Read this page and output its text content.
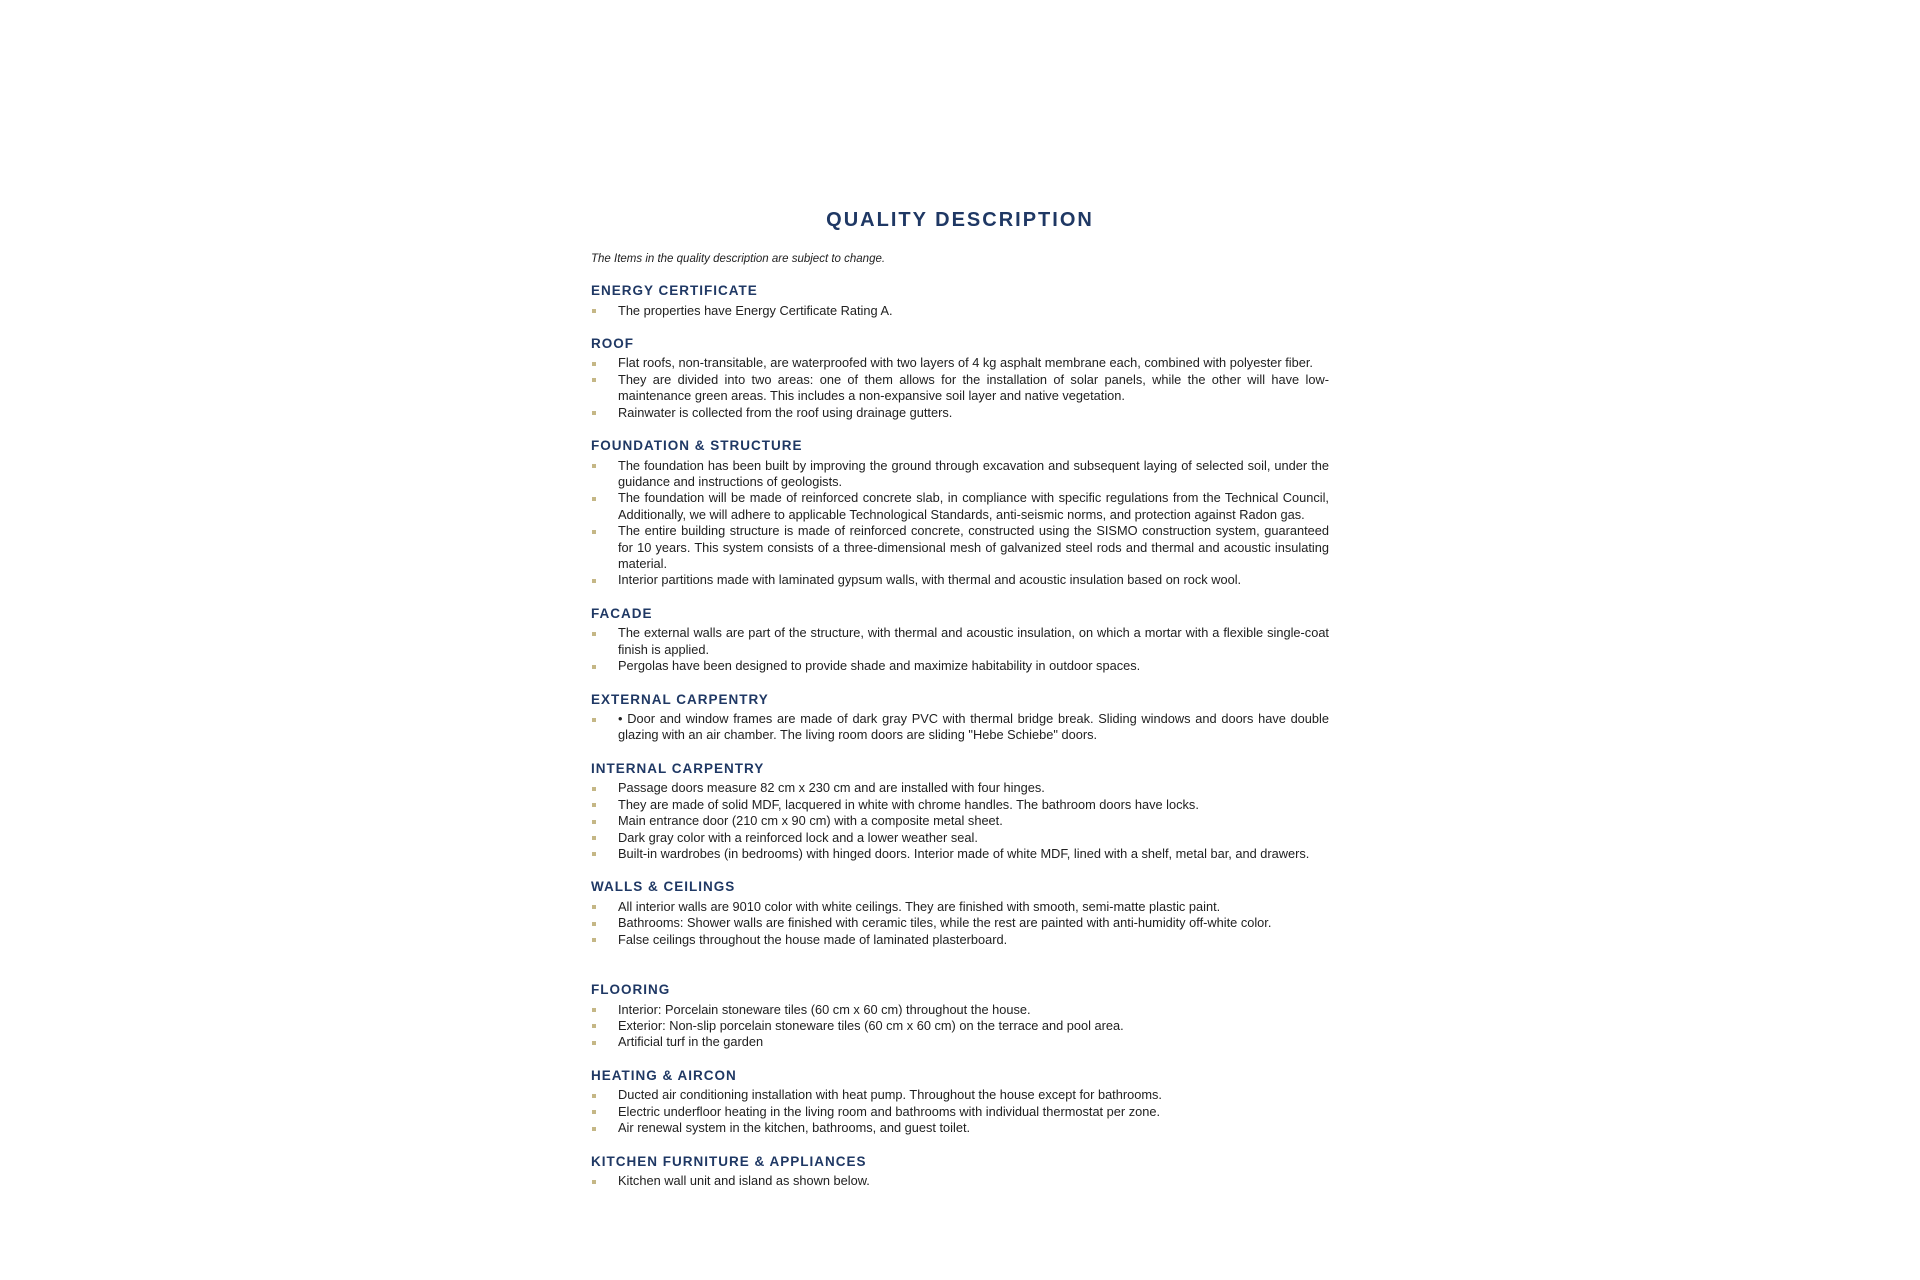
QUALITY DESCRIPTION

The Items in the quality description are subject to change.

ENERGY CERTIFICATE
The properties have Energy Certificate Rating A.
ROOF
Flat roofs, non-transitable, are waterproofed with two layers of 4 kg asphalt membrane each, combined with polyester fiber.
They are divided into two areas: one of them allows for the installation of solar panels, while the other will have low-maintenance green areas. This includes a non-expansive soil layer and native vegetation.
Rainwater is collected from the roof using drainage gutters.
FOUNDATION & STRUCTURE
The foundation has been built by improving the ground through excavation and subsequent laying of selected soil, under the guidance and instructions of geologists.
The foundation will be made of reinforced concrete slab, in compliance with specific regulations from the Technical Council, Additionally, we will adhere to applicable Technological Standards, anti-seismic norms, and protection against Radon gas.
The entire building structure is made of reinforced concrete, constructed using the SISMO construction system, guaranteed for 10 years. This system consists of a three-dimensional mesh of galvanized steel rods and thermal and acoustic insulating material.
Interior partitions made with laminated gypsum walls, with thermal and acoustic insulation based on rock wool.
FACADE
The external walls are part of the structure, with thermal and acoustic insulation, on which a mortar with a flexible single-coat finish is applied.
Pergolas have been designed to provide shade and maximize habitability in outdoor spaces.
EXTERNAL CARPENTRY
• Door and window frames are made of dark gray PVC with thermal bridge break. Sliding windows and doors have double glazing with an air chamber. The living room doors are sliding "Hebe Schiebe" doors.
INTERNAL CARPENTRY
Passage doors measure 82 cm x 230 cm and are installed with four hinges.
They are made of solid MDF, lacquered in white with chrome handles. The bathroom doors have locks.
Main entrance door (210 cm x 90 cm) with a composite metal sheet.
Dark gray color with a reinforced lock and a lower weather seal.
Built-in wardrobes (in bedrooms) with hinged doors. Interior made of white MDF, lined with a shelf, metal bar, and drawers.
WALLS & CEILINGS
All interior walls are 9010 color with white ceilings. They are finished with smooth, semi-matte plastic paint.
Bathrooms: Shower walls are finished with ceramic tiles, while the rest are painted with anti-humidity off-white color.
False ceilings throughout the house made of laminated plasterboard.
FLOORING
Interior: Porcelain stoneware tiles (60 cm x 60 cm) throughout the house.
Exterior: Non-slip porcelain stoneware tiles (60 cm x 60 cm) on the terrace and pool area.
Artificial turf in the garden
HEATING & AIRCON
Ducted air conditioning installation with heat pump. Throughout the house except for bathrooms.
Electric underfloor heating in the living room and bathrooms with individual thermostat per zone.
Air renewal system in the kitchen, bathrooms, and guest toilet.
KITCHEN FURNITURE & APPLIANCES
Kitchen wall unit and island as shown below.
